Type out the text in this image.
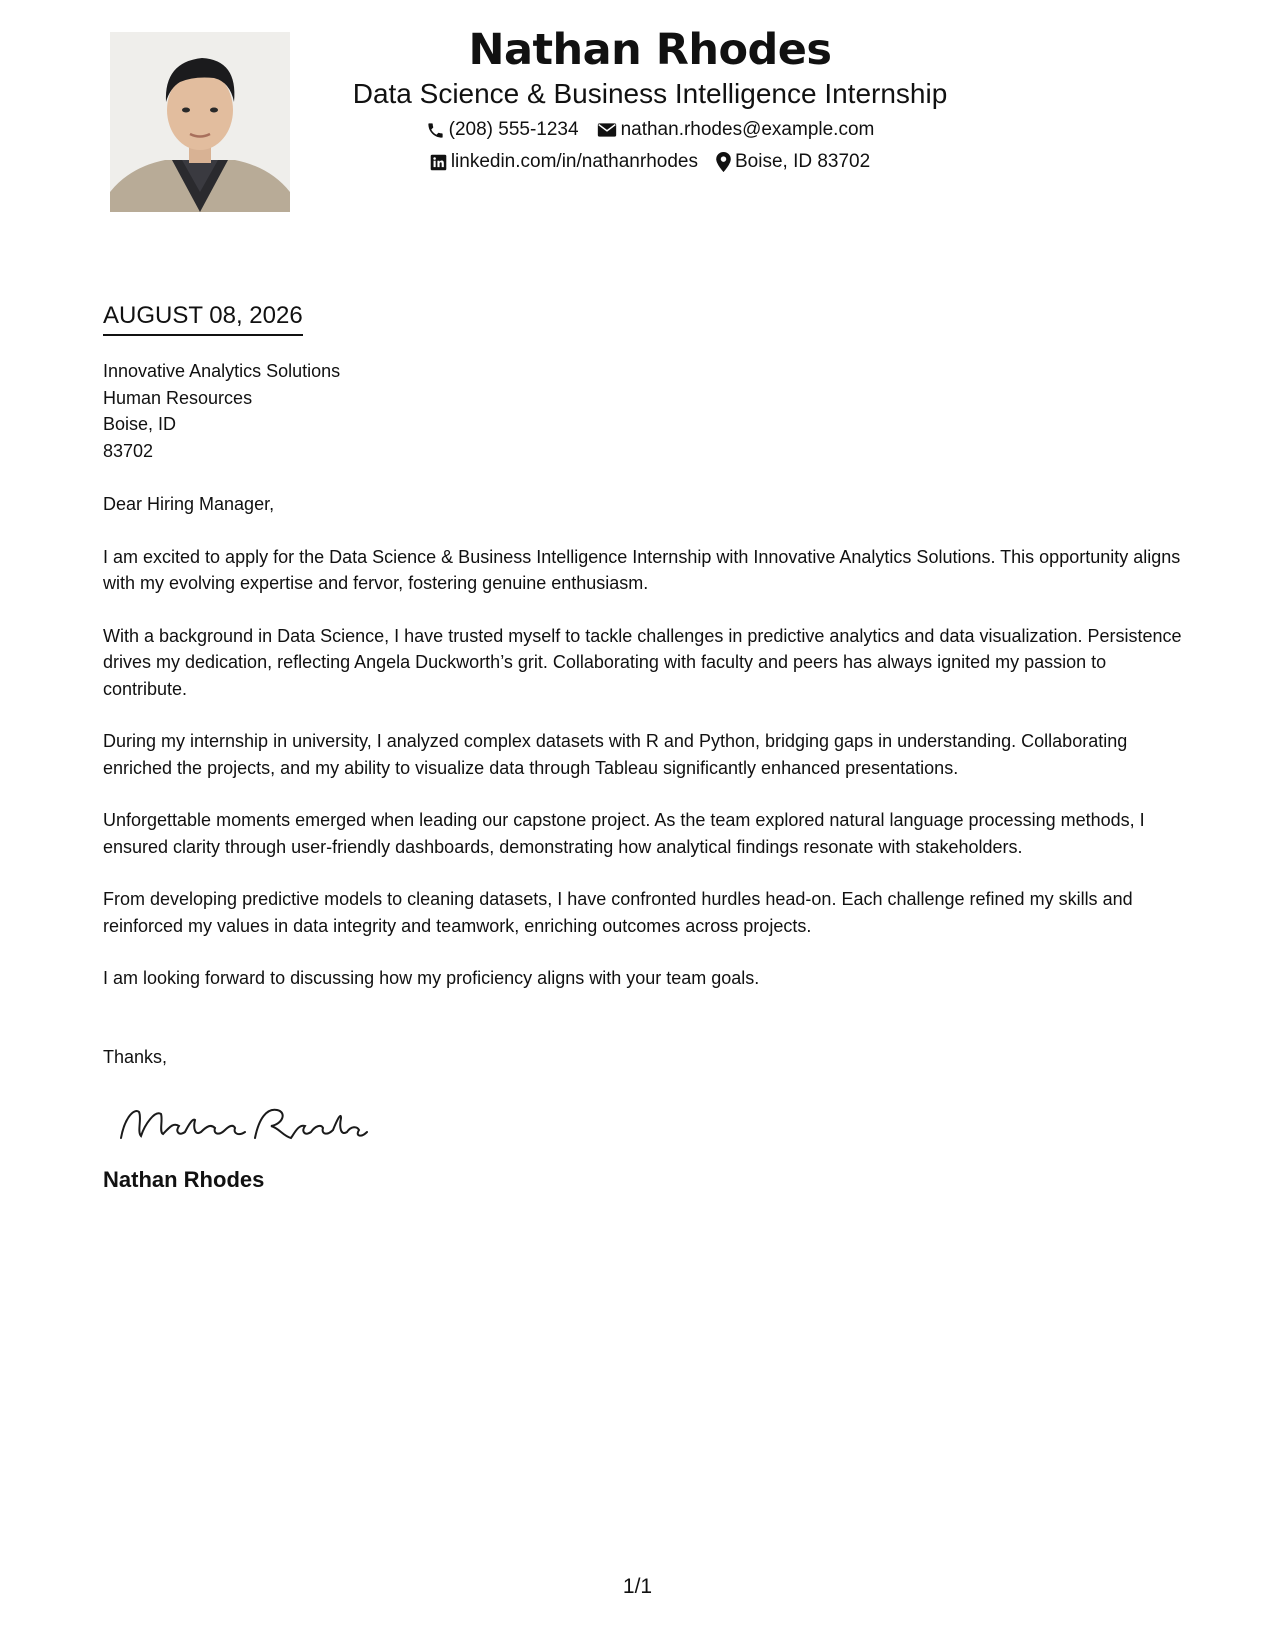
Nathan Rhodes
Data Science & Business Intelligence Internship
(208) 555-1234 nathan.rhodes@example.com
linkedin.com/in/nathanrhodes Boise, ID 83702
AUGUST 08, 2026
Innovative Analytics Solutions
Human Resources
Boise, ID
83702
Dear Hiring Manager,
I am excited to apply for the Data Science & Business Intelligence Internship with Innovative Analytics Solutions. This opportunity aligns with my evolving expertise and fervor, fostering genuine enthusiasm.
With a background in Data Science, I have trusted myself to tackle challenges in predictive analytics and data visualization. Persistence drives my dedication, reflecting Angela Duckworth’s grit. Collaborating with faculty and peers has always ignited my passion to contribute.
During my internship in university, I analyzed complex datasets with R and Python, bridging gaps in understanding. Collaborating enriched the projects, and my ability to visualize data through Tableau significantly enhanced presentations.
Unforgettable moments emerged when leading our capstone project. As the team explored natural language processing methods, I ensured clarity through user-friendly dashboards, demonstrating how analytical findings resonate with stakeholders.
From developing predictive models to cleaning datasets, I have confronted hurdles head-on. Each challenge refined my skills and reinforced my values in data integrity and teamwork, enriching outcomes across projects.
I am looking forward to discussing how my proficiency aligns with your team goals.
Thanks,
Nathan Rhodes
1/1
